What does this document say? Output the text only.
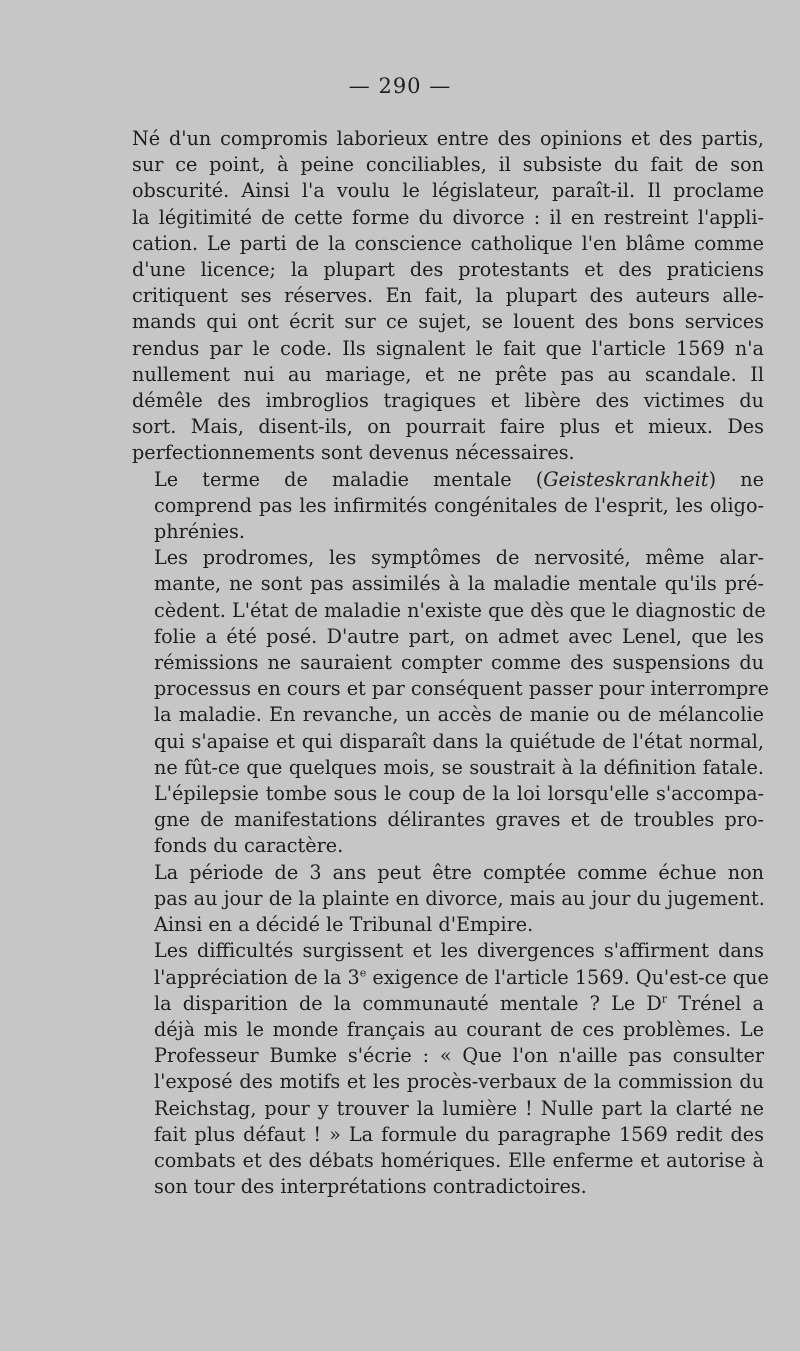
— 290 —

Né d'un compromis laborieux entre des opinions et des partis,
sur ce point, à peine conciliables, il subsiste du fait de son
obscurité. Ainsi l'a voulu le législateur, paraît-il. Il proclame
la légitimité de cette forme du divorce : il en restreint l'appli-
cation. Le parti de la conscience catholique l'en blâme comme
d'une licence; la plupart des protestants et des praticiens
critiquent ses réserves. En fait, la plupart des auteurs alle-
mands qui ont écrit sur ce sujet, se louent des bons services
rendus par le code. Ils signalent le fait que l'article 1569 n'a
nullement nui au mariage, et ne prête pas au scandale. Il
démêle des imbroglios tragiques et libère des victimes du
sort. Mais, disent-ils, on pourrait faire plus et mieux. Des
perfectionnements sont devenus nécessaires.

Le terme de maladie mentale (Geisteskrankheit) ne
comprend pas les infirmités congénitales de l'esprit, les oligo-
phrénies.

Les prodromes, les symptômes de nervosité, même alar-
mante, ne sont pas assimilés à la maladie mentale qu'ils pré-
cèdent. L'état de maladie n'existe que dès que le diagnostic de
folie a été posé. D'autre part, on admet avec Lenel, que les
rémissions ne sauraient compter comme des suspensions du
processus en cours et par conséquent passer pour interrompre
la maladie. En revanche, un accès de manie ou de mélancolie
qui s'apaise et qui disparaît dans la quiétude de l'état normal,
ne fût-ce que quelques mois, se soustrait à la définition fatale.
L'épilepsie tombe sous le coup de la loi lorsqu'elle s'accompa-
gne de manifestations délirantes graves et de troubles pro-
fonds du caractère.

La période de 3 ans peut être comptée comme échue non
pas au jour de la plainte en divorce, mais au jour du jugement.
Ainsi en a décidé le Tribunal d'Empire.

Les difficultés surgissent et les divergences s'affirment dans
l'appréciation de la 3e exigence de l'article 1569. Qu'est-ce que
la disparition de la communauté mentale ? Le $D^r$ Trénel a
déjà mis le monde français au courant de ces problèmes. Le
Professeur Bumke s'écrie : « Que l'on n'aille pas consulter
l'exposé des motifs et les procès-verbaux de la commission du
Reichstag, pour y trouver la lumière ! Nulle part la clarté ne
fait plus défaut ! » La formule du paragraphe 1569 redit des
combats et des débats homériques. Elle enferme et autorise à
son tour des interprétations contradictoires.
